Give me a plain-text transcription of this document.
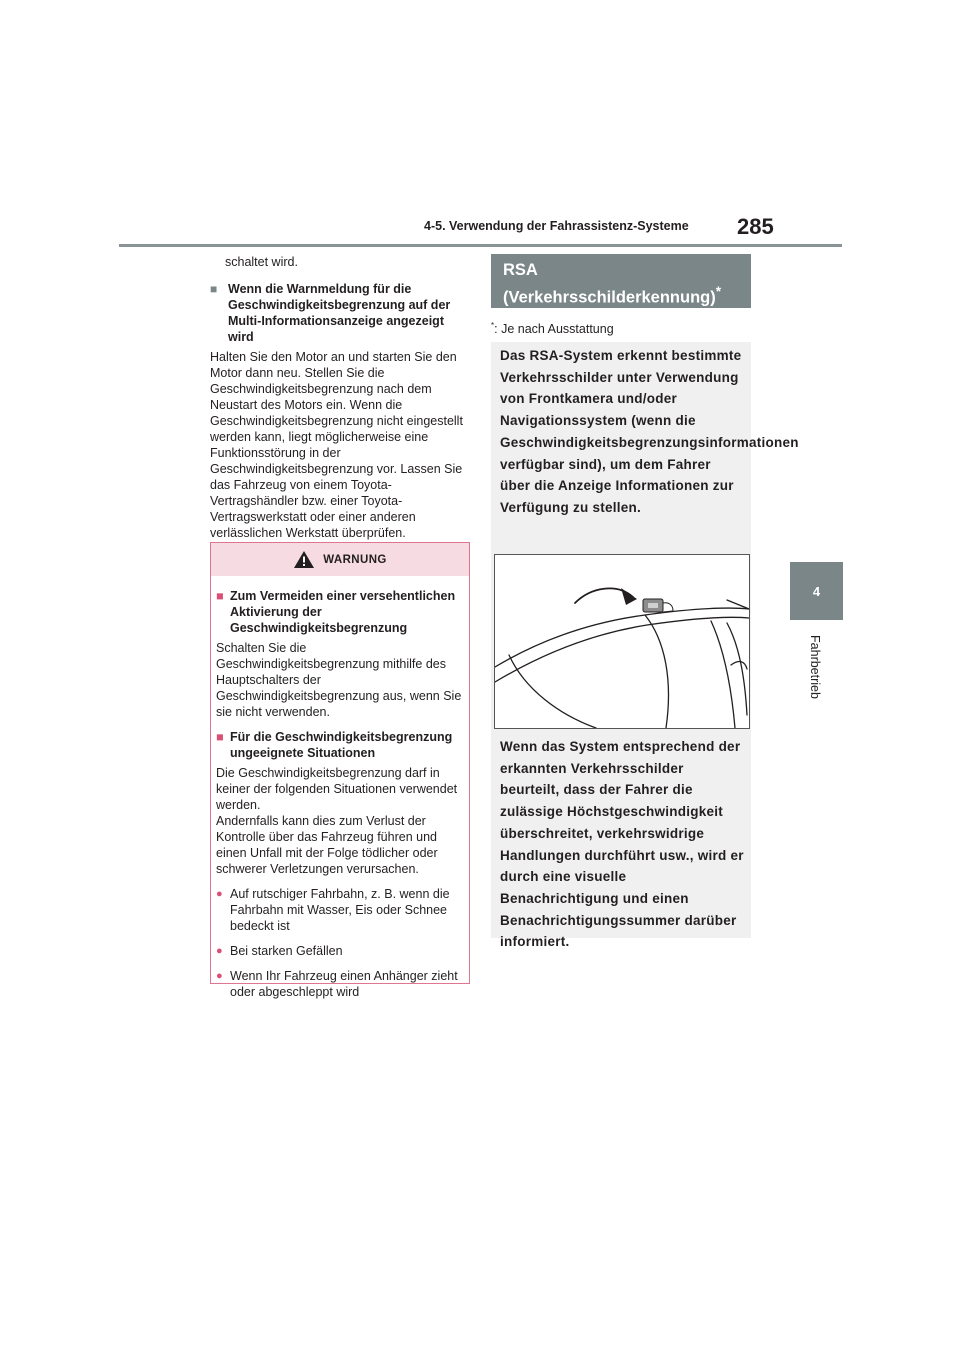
4-5. Verwendung der Fahrassistenz-Systeme 285
4
Fahrbetrieb
schaltet wird.
■ Wenn die Warnmeldung für die Geschwindigkeitsbegrenzung auf der Multi-Informationsanzeige angezeigt wird
Halten Sie den Motor an und starten Sie den Motor dann neu. Stellen Sie die Geschwindigkeitsbegrenzung nach dem Neustart des Motors ein. Wenn die Geschwindigkeitsbegrenzung nicht eingestellt werden kann, liegt möglicherweise eine Funktionsstörung in der Geschwindigkeitsbegrenzung vor. Lassen Sie das Fahrzeug von einem Toyota-Vertragshändler bzw. einer Toyota-Vertragswerkstatt oder einer anderen verlässlichen Werkstatt überprüfen.
WARNUNG
■ Zum Vermeiden einer versehentlichen Aktivierung der Geschwindigkeitsbegrenzung
Schalten Sie die Geschwindigkeitsbegrenzung mithilfe des Hauptschalters der Geschwindigkeitsbegrenzung aus, wenn Sie sie nicht verwenden.
■ Für die Geschwindigkeitsbegrenzung ungeeignete Situationen
Die Geschwindigkeitsbegrenzung darf in keiner der folgenden Situationen verwendet werden.
Andernfalls kann dies zum Verlust der Kontrolle über das Fahrzeug führen und einen Unfall mit der Folge tödlicher oder schwerer Verletzungen verursachen.
● Auf rutschiger Fahrbahn, z. B. wenn die Fahrbahn mit Wasser, Eis oder Schnee bedeckt ist
● Bei starken Gefällen
● Wenn Ihr Fahrzeug einen Anhänger zieht oder abgeschleppt wird
RSA (Verkehrsschilderkennung)*
*: Je nach Ausstattung
Das RSA-System erkennt bestimmte Verkehrsschilder unter Verwendung von Frontkamera und/oder Navigationssystem (wenn die Geschwindigkeitsbegrenzungsinformationen verfügbar sind), um dem Fahrer über die Anzeige Informationen zur Verfügung zu stellen.
Wenn das System entsprechend der erkannten Verkehrsschilder beurteilt, dass der Fahrer die zulässige Höchstgeschwindigkeit überschreitet, verkehrswidrige Handlungen durchführt usw., wird er durch eine visuelle Benachrichtigung und einen Benachrichtigungssummer darüber informiert.
